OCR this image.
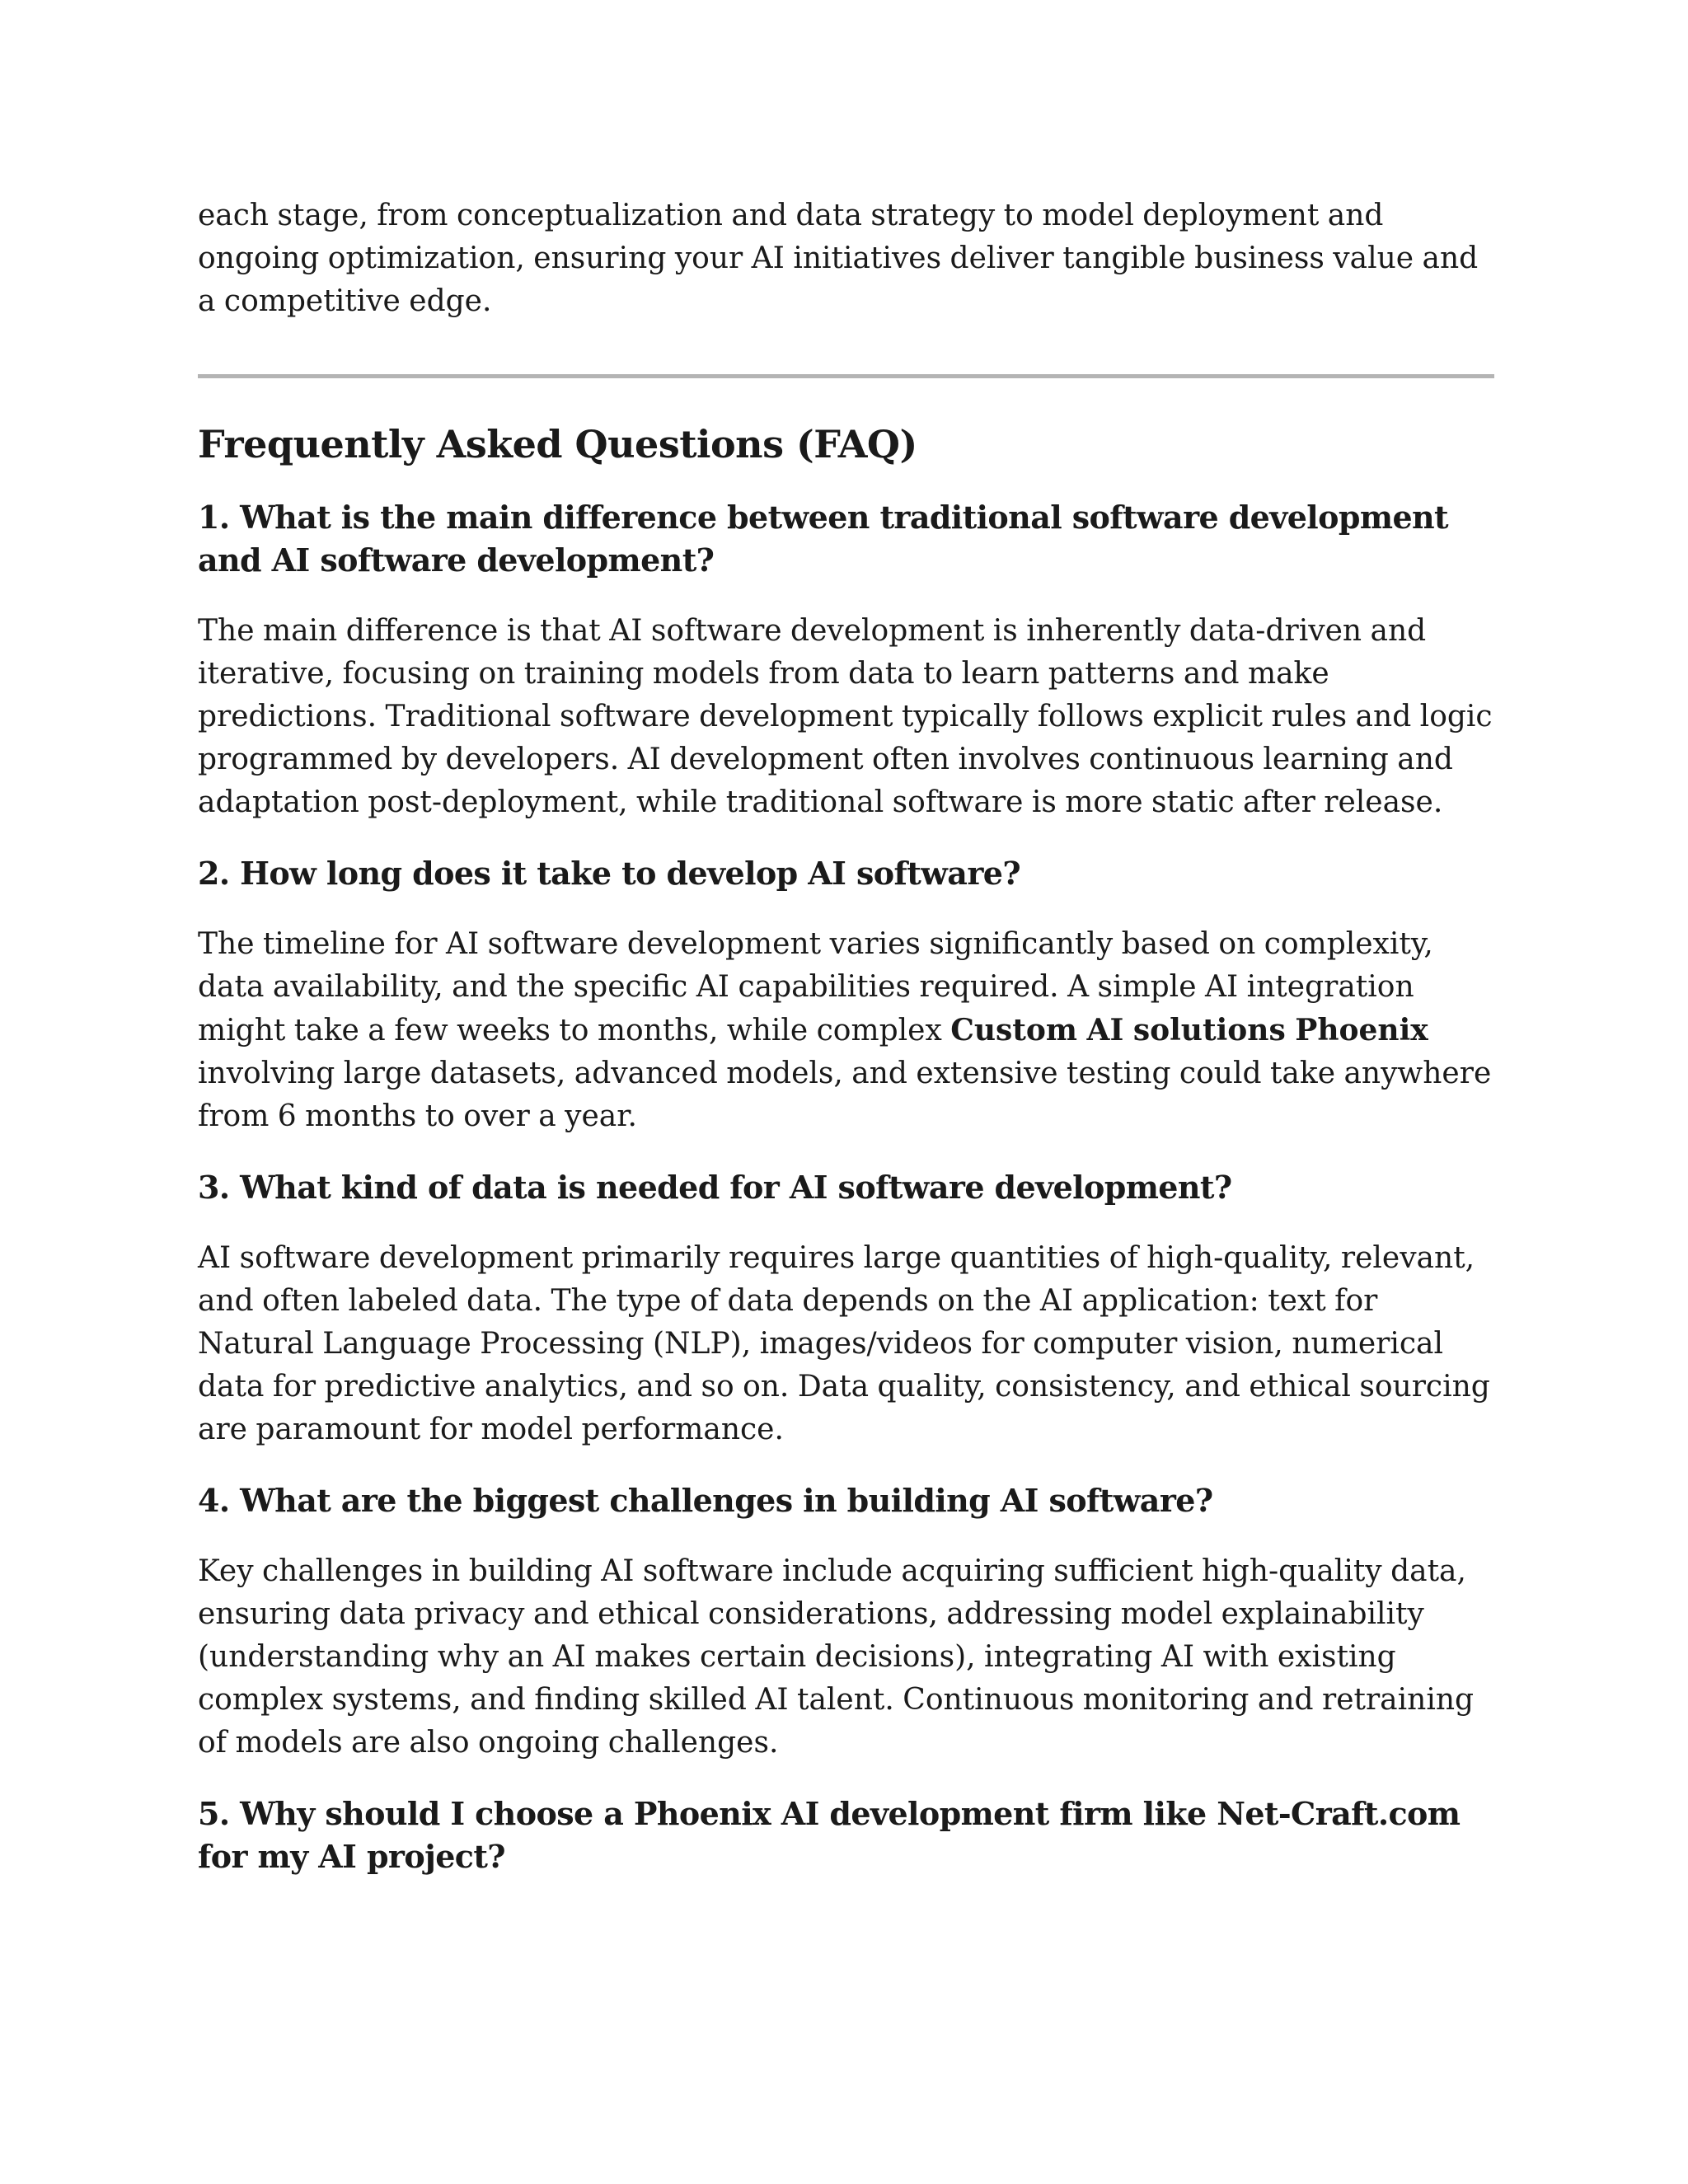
each stage, from conceptualization and data strategy to model deployment and ongoing optimization, ensuring your AI initiatives deliver tangible business value and a competitive edge.

Frequently Asked Questions (FAQ)
1. What is the main difference between traditional software development and AI software development?

The main difference is that AI software development is inherently data-driven and iterative, focusing on training models from data to learn patterns and make predictions. Traditional software development typically follows explicit rules and logic programmed by developers. AI development often involves continuous learning and adaptation post-deployment, while traditional software is more static after release.

2. How long does it take to develop AI software?

The timeline for AI software development varies significantly based on complexity, data availability, and the specific AI capabilities required. A simple AI integration might take a few weeks to months, while complex Custom AI solutions Phoenix involving large datasets, advanced models, and extensive testing could take anywhere from 6 months to over a year.

3. What kind of data is needed for AI software development?

AI software development primarily requires large quantities of high-quality, relevant, and often labeled data. The type of data depends on the AI application: text for Natural Language Processing (NLP), images/videos for computer vision, numerical data for predictive analytics, and so on. Data quality, consistency, and ethical sourcing are paramount for model performance.

4. What are the biggest challenges in building AI software?

Key challenges in building AI software include acquiring sufficient high-quality data, ensuring data privacy and ethical considerations, addressing model explainability (understanding why an AI makes certain decisions), integrating AI with existing complex systems, and finding skilled AI talent. Continuous monitoring and retraining of models are also ongoing challenges.

5. Why should I choose a Phoenix AI development firm like Net-Craft.com for my AI project?
